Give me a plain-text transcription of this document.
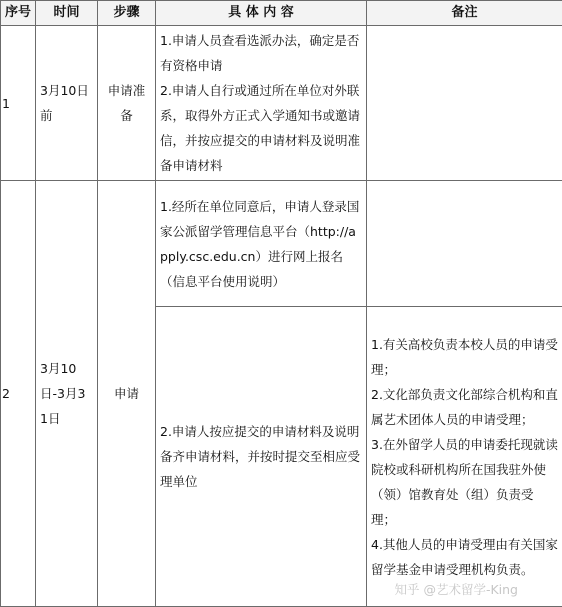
序号	时间	步骤	具 体 内 容	备注
1	3月10日前	申请准备	1.申请人员查看选派办法，确定是否有资格申请
2.申请人自行或通过所在单位对外联系，取得外方正式入学通知书或邀请信，并按应提交的申请材料及说明准备申请材料	

2	3月10日-3月31日	申请	1.经所在单位同意后，申请人登录国家公派留学管理信息平台（http://apply.csc.edu.cn）进行网上报名（信息平台使用说明）	
			2.申请人按应提交的申请材料及说明备齐申请材料，并按时提交至相应受理单位	1.有关高校负责本校人员的申请受理；
2.文化部负责文化部综合机构和直属艺术团体人员的申请受理；
3.在外留学人员的申请委托现就读院校或科研机构所在国我驻外使（领）馆教育处（组）负责受理；
4.其他人员的申请受理由有关国家留学基金申请受理机构负责。
知乎 @艺术留学-King
